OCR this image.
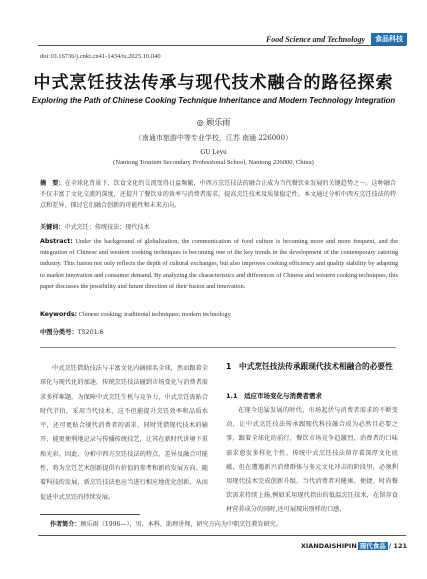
Food Science and Technology	食品科技
doi:10.16736/j.cnki.cn41-1434/ts.2025.10.040
中式烹饪技法传承与现代技术融合的路径探索
Exploring the Path of Chinese Cooking Technique Inheritance and Modern Technology Integration
◎ 顾乐雨
（南通市旅游中等专业学校，江苏 南通 226000）
GU Leyu
(Nantong Tourism Secondary Professional School, Nantong 226000, China)
摘　要：在全球化背景下，饮食文化的交流变得日益频繁，中西方烹饪技法的融合正成为当代餐饮业发展的关键趋势之一。这种融合不仅丰富了文化交流的深度，还提升了餐饮业的效率与消费者需求，提高烹饪技术及质量稳定性。本文通过分析中西方烹饪技法的特点和差异，探讨它们融合创新的可能性和未来方向。
关键词：中式烹饪；传统技法；现代技术
Abstract: Under the background of globalization, the communication of food culture is becoming more and more frequent, and the integration of Chinese and western cooking techniques is becoming one of the key trends in the development of the contemporary catering industry. This fusion not only reflects the depth of cultural exchanges, but also improves cooking efficiency and quality stability by adapting to market innovation and consumer demand. By analyzing the characteristics and differences of Chinese and western cooking techniques, this paper discusses the possibility and future direction of their fusion and innovation.
Keywords: Chinese cooking; traditional techniques; modern technology
中图分类号：TS201.6
中式烹饪借助技法与丰富文化内涵闻名全球，然而跟着全球化与现代化的加速，传统烹饪技法碰到市场变化与消费者需求多样难题。为保障中式烹饪生机与竞争力，中式烹饪需贴合时代节拍，采用当代技术，这不但能提升烹饪效率和品质水平，还可更贴合现代消费者的需求，同时凭借现代技术的辅开，能更便利地记录与传播传统技艺，让其在新时代讲境下重焕光彩。因此，分析中西方烹饪技法的特点、差异及融合可能性，将为烹饪艺术创新提供有价值的参考和新的发展方向。随着科技的发展，新烹饪技法也应当进行相应地优化创新，从而促进中式烹饪的持续发展。
1　中式烹饪技法传承跟现代技术相融合的必要性
1.1　适应市场变化与消费者需求
在现今迅猛发展的时代，市场起伏与消费者需求的不断变动，让中式烹饪技法传承跟现代科技融合成为必然且必要之事，跟着全球化的前行，餐饮市场竞争趋激烈，消费者的口味需求愈发多样化个性。传统中式烹饪技法留存着深厚文化底蕴，但在遭遇新兴消费群体与多元文化冲击的阶段里，必须利用现代技术完成创新升级。当代消费者对健康、便捷、时尚餐饮需求持续上扬,例如采用现代指出的低温烹饪技术，在留存食材营养成分的同时,还可展现出别样的口感，
作者简介：顾乐雨（1996—），男，本科，助理讲师，研究方向为中职烹饪教育研究。
XIANDAISHIPIN 现代食品 / 121
